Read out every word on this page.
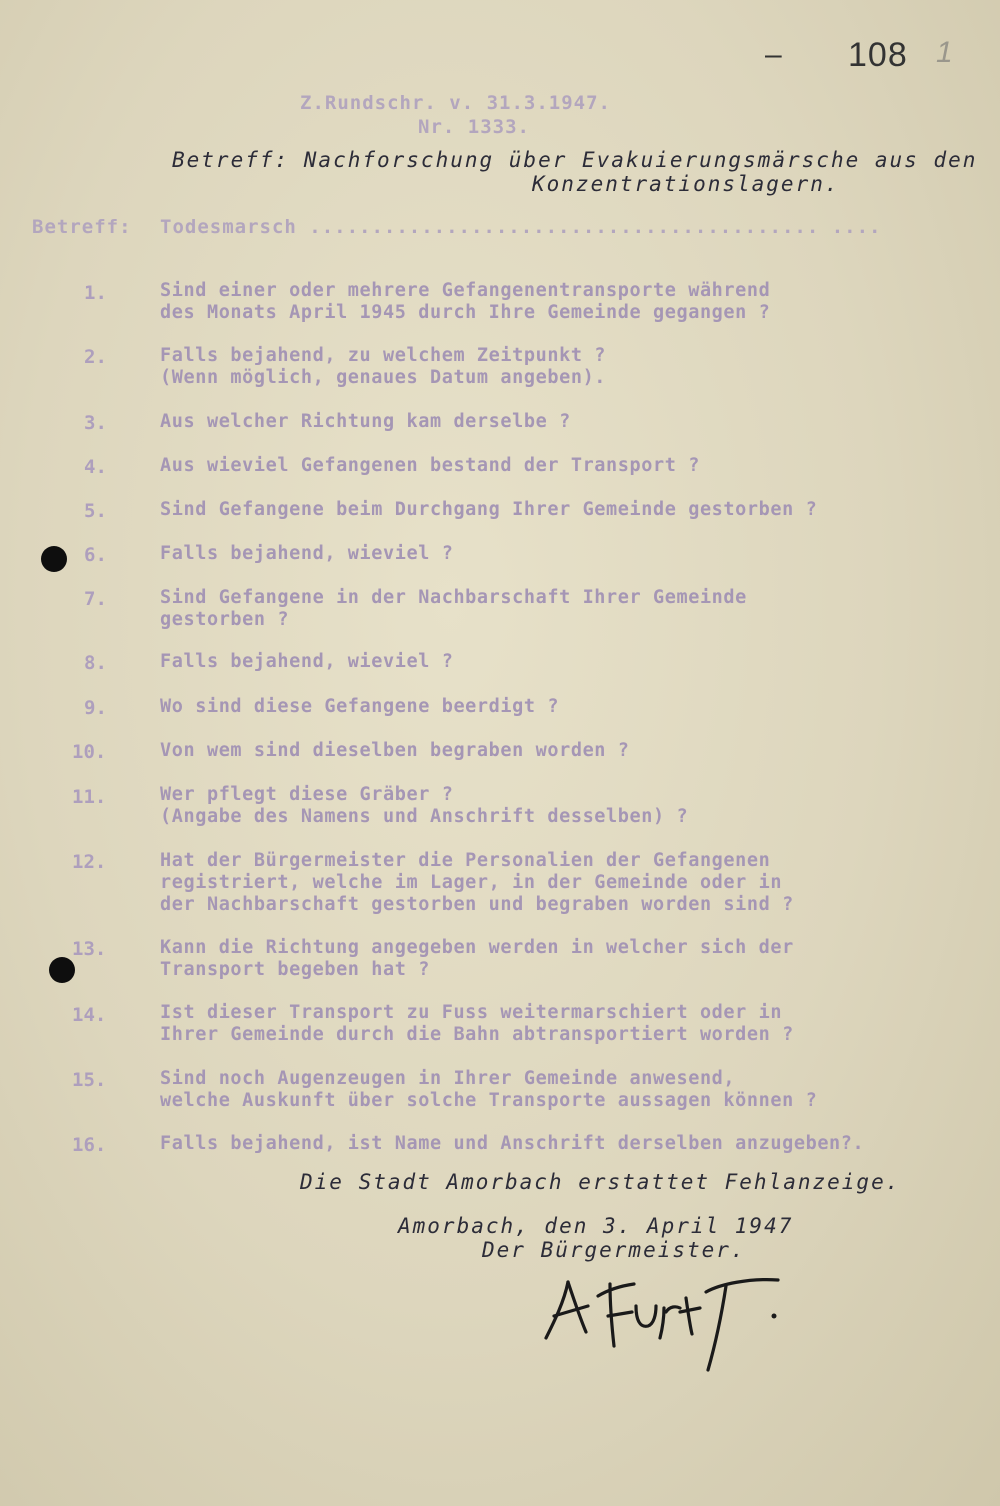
– 108 1
Z.Rundschr. v. 31.3.1947.
Nr. 1333.
Betreff: Nachforschung über Evakuierungsmärsche aus den
Konzentrationslagern.
Betreff: Todesmarsch ......................................... ....
1.	Sind einer oder mehrere Gefangenentransporte während
des Monats April 1945 durch Ihre Gemeinde gegangen ?
2.	Falls bejahend, zu welchem Zeitpunkt ?
(Wenn möglich, genaues Datum angeben).
3.	Aus welcher Richtung kam derselbe ?
4.	Aus wieviel Gefangenen bestand der Transport ?
5.	Sind Gefangene beim Durchgang Ihrer Gemeinde gestorben ?
6.	Falls bejahend, wieviel ?
7.	Sind Gefangene in der Nachbarschaft Ihrer Gemeinde
gestorben ?
8.	Falls bejahend, wieviel ?
9.	Wo sind diese Gefangene beerdigt ?
10.	Von wem sind dieselben begraben worden ?
11.	Wer pflegt diese Gräber ?
(Angabe des Namens und Anschrift desselben) ?
12.	Hat der Bürgermeister die Personalien der Gefangenen
registriert, welche im Lager, in der Gemeinde oder in
der Nachbarschaft gestorben und begraben worden sind ?
13.	Kann die Richtung angegeben werden in welcher sich der
Transport begeben hat ?
14.	Ist dieser Transport zu Fuss weitermarschiert oder in
Ihrer Gemeinde durch die Bahn abtransportiert worden ?
15.	Sind noch Augenzeugen in Ihrer Gemeinde anwesend,
welche Auskunft über solche Transporte aussagen können ?
16.	Falls bejahend, ist Name und Anschrift derselben anzugeben?.
Die Stadt Amorbach erstattet Fehlanzeige.
Amorbach, den 3. April 1947
Der Bürgermeister.
